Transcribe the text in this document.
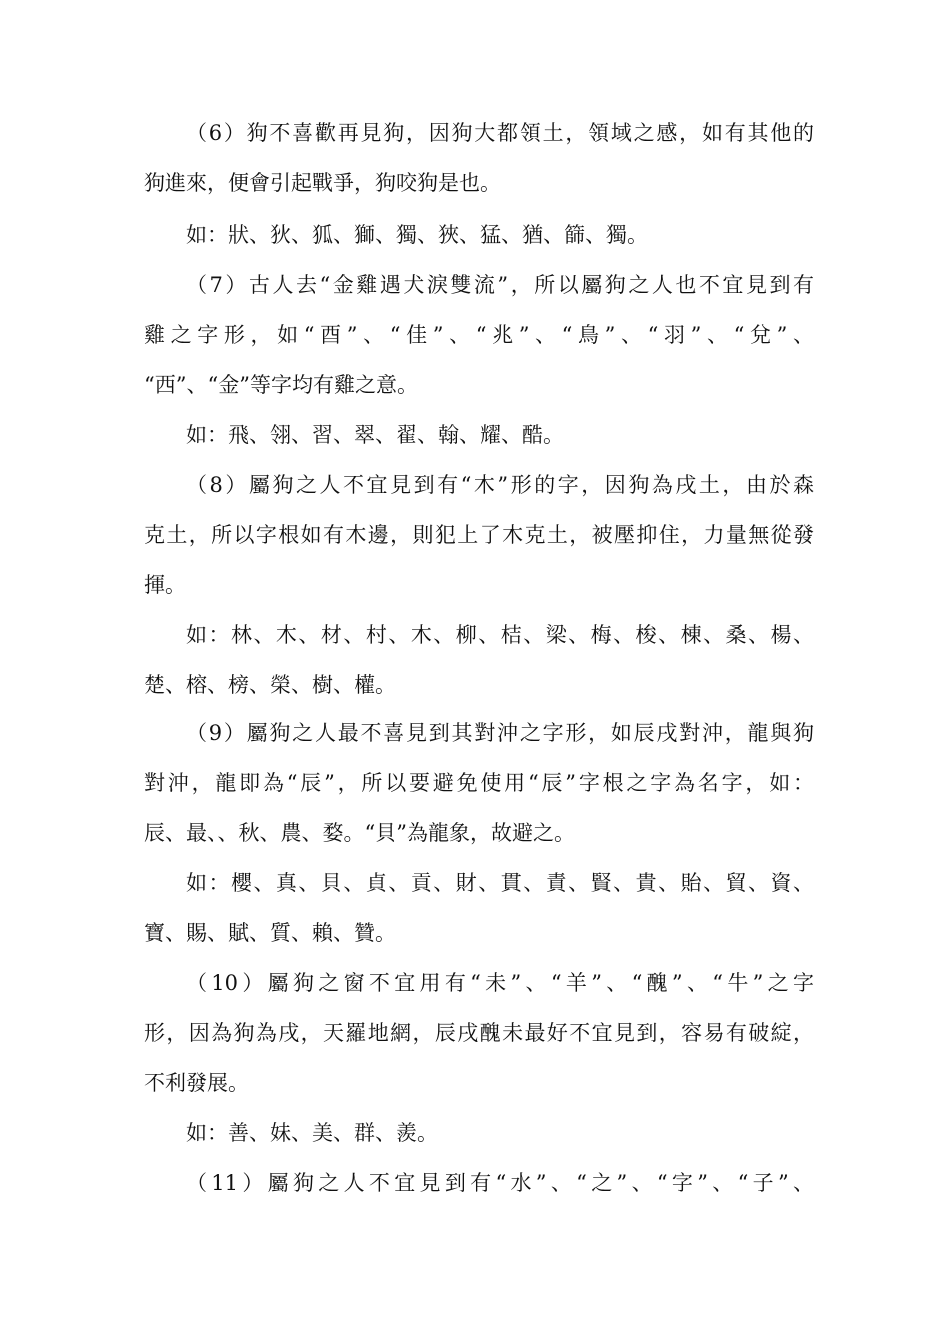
（6）狗不喜歡再見狗，因狗大都領土，領域之感，如有其他的
狗進來，便會引起戰爭，狗咬狗是也。
如：狀、狄、狐、獅、獨、狹、猛、猶、篩、獨。
（7）古人去“金雞遇犬淚雙流”，所以屬狗之人也不宜見到有
雞之字形，如“酉”、“佳”、“兆”、“鳥”、“羽”、“兌”、
“西”、“金”等字均有雞之意。
如：飛、翎、習、翠、翟、翰、耀、酷。
（8）屬狗之人不宜見到有“木”形的字，因狗為戌土，由於森
克土，所以字根如有木邊，則犯上了木克土，被壓抑住，力量無從發
揮。
如：林、木、材、村、木、柳、桔、梁、梅、梭、棟、桑、楊、
楚、榕、榜、榮、樹、權。
（9）屬狗之人最不喜見到其對沖之字形，如辰戌對沖，龍與狗
對沖，龍即為“辰”，所以要避免使用“辰”字根之字為名字，如：
辰、最、、秋、農、婺。“貝”為龍象，故避之。
如：櫻、真、貝、貞、貢、財、貫、責、賢、貴、貽、貿、資、
寶、賜、賦、質、賴、贊。
（10）屬狗之窗不宜用有“未”、“羊”、“醜”、“牛”之字
形，因為狗為戌，天羅地網，辰戌醜未最好不宜見到，容易有破綻，
不利發展。
如：善、妹、美、群、羨。
（11）屬狗之人不宜見到有“水”、“之”、“字”、“子”、
